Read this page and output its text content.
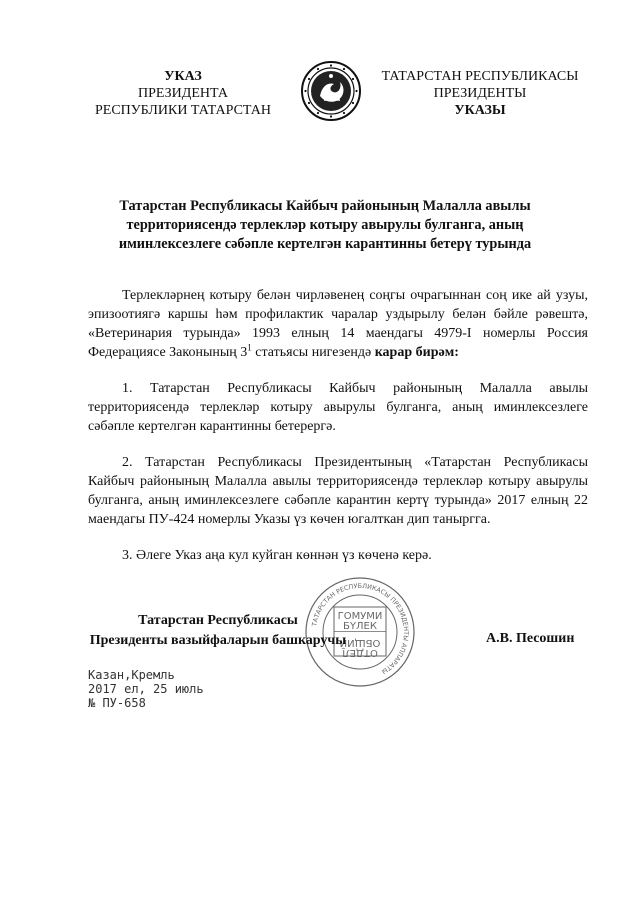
УКАЗ
ПРЕЗИДЕНТА
РЕСПУБЛИКИ ТАТАРСТАН
ТАТАРСТАН РЕСПУБЛИКАСЫ
ПРЕЗИДЕНТЫ
УКАЗЫ
Татарстан Республикасы Кайбыч районының Малалла авылы
территориясендә терлекләр котыру авырулы булганга, аның
иминлексезлеге сәбәпле кертелгән карантинны бетерү турында

Терлекләрнең котыру белән чирләвенең соңгы очрагыннан соң ике ай узуы, эпизоотиягә каршы һәм профилактик чаралар уздырылу белән бәйле рәвештә, «Ветеринария турында» 1993 елның 14 маендагы 4979-I номерлы Россия Федерациясе Законының $3^1$ статьясы нигезендә карар бирәм:

1. Татарстан Республикасы Кайбыч районының Малалла авылы территориясендә терлекләр котыру авырулы булганга, аның иминлексезлеге сәбәпле кертелгән карантинны бетерергә.

2. Татарстан Республикасы Президентының «Татарстан Республикасы Кайбыч районының Малалла авылы территориясендә терлекләр котыру авырулы булганга, аның иминлексезлеге сәбәпле карантин кертү турында» 2017 елның 22 маендагы ПУ-424 номерлы Указы үз көчен югалткан дип таныргга.

3. Әлеге Указ аңа кул куйган көннән үз көченә керә.

ТАТАРСТАН РЕСПУБЛИКАСЫ ПРЕЗИДЕНТЫ АППАРАТЫ
ГОМУМИ
БҮЛЕК
ОТДЕЛ
ОБЩИЙ
Татарстан Республикасы
Президенты вазыйфаларын башкаручы	А.В. Песошин
Казан,Кремль
2017 ел, 25 июль
№ ПУ-658
